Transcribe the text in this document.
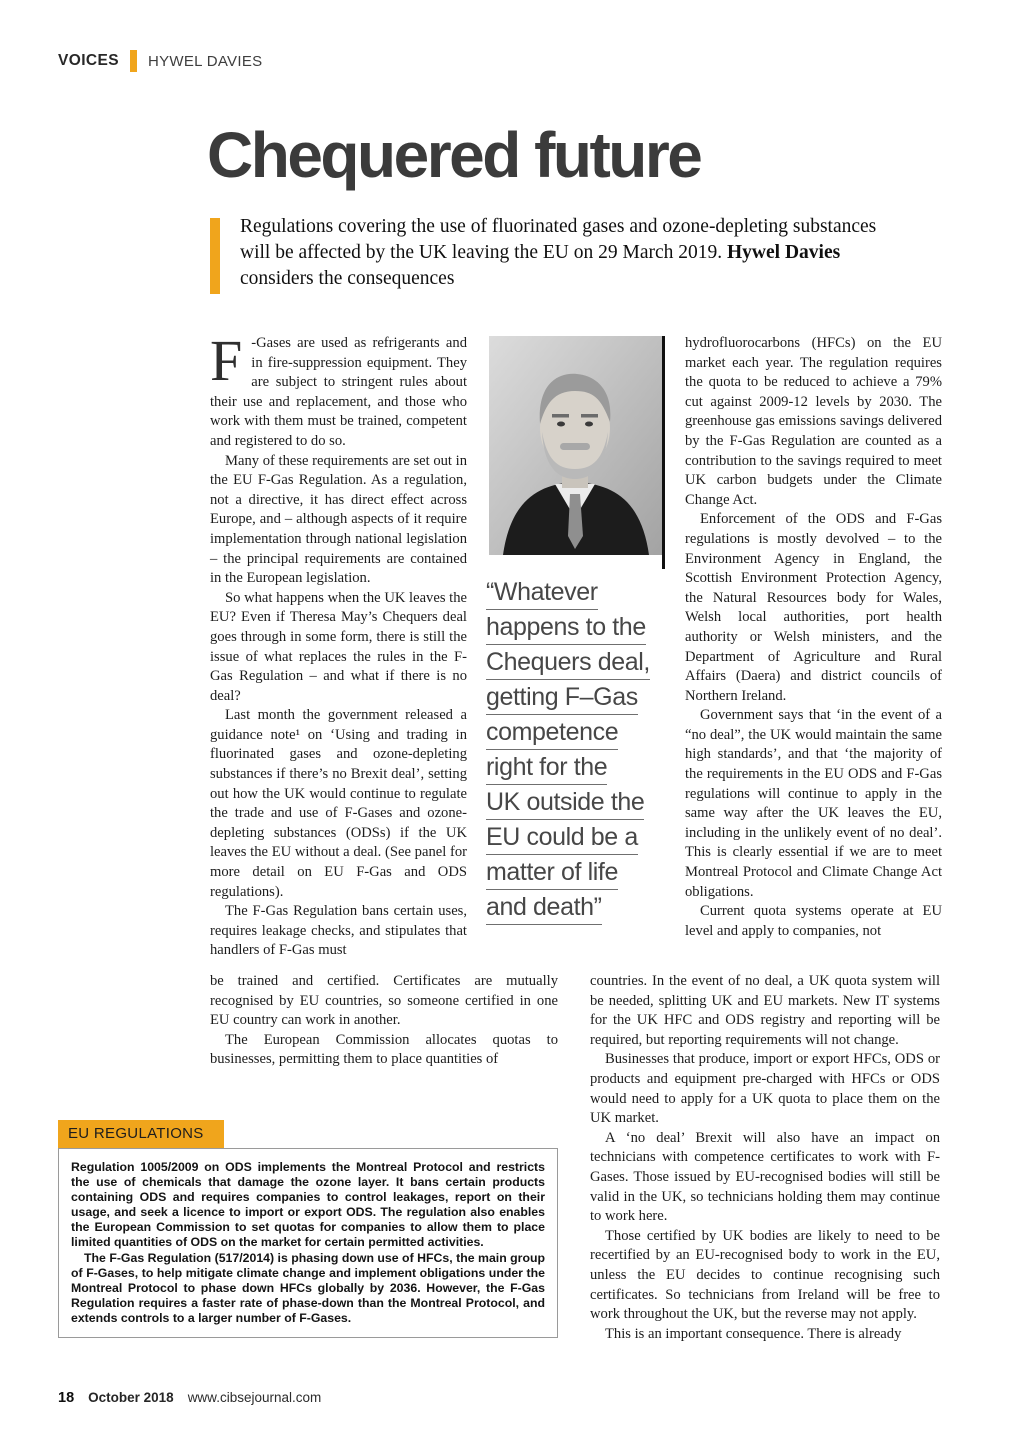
VOICES HYWEL DAVIES
Chequered future
Regulations covering the use of fluorinated gases and ozone-depleting substances will be affected by the UK leaving the EU on 29 March 2019. Hywel Davies considers the consequences

F -Gases are used as refrigerants and in fire-suppression equipment. They are subject to stringent rules about their use and replacement, and those who work with them must be trained, competent and registered to do so.

Many of these requirements are set out in the EU F-Gas Regulation. As a regulation, not a directive, it has direct effect across Europe, and – although aspects of it require implementation through national legislation – the principal requirements are contained in the European legislation.

So what happens when the UK leaves the EU? Even if Theresa May’s Chequers deal goes through in some form, there is still the issue of what replaces the rules in the F-Gas Regulation – and what if there is no deal?

Last month the government released a guidance note¹ on ‘Using and trading in fluorinated gases and ozone-depleting substances if there’s no Brexit deal’, setting out how the UK would continue to regulate the trade and use of F-Gases and ozone-depleting substances (ODSs) if the UK leaves the EU without a deal. (See panel for more detail on EU F-Gas and ODS regulations).

The F-Gas Regulation bans certain uses, requires leakage checks, and stipulates that handlers of F-Gas must

be trained and certified. Certificates are mutually recognised by EU countries, so someone certified in one EU country can work in another.

The European Commission allocates quotas to businesses, permitting them to place quantities of

“Whatever
happens to the
Chequers deal,
getting F–Gas
competence
right for the
UK outside the
EU could be a
matter of life
and death”

hydrofluorocarbons (HFCs) on the EU market each year. The regulation requires the quota to be reduced to achieve a 79% cut against 2009-12 levels by 2030. The greenhouse gas emissions savings delivered by the F-Gas Regulation are counted as a contribution to the savings required to meet UK carbon budgets under the Climate Change Act.

Enforcement of the ODS and F-Gas regulations is mostly devolved – to the Environment Agency in England, the Scottish Environment Protection Agency, the Natural Resources body for Wales, Welsh local authorities, port health authority or Welsh ministers, and the Department of Agriculture and Rural Affairs (Daera) and district councils of Northern Ireland.

Government says that ‘in the event of a “no deal”, the UK would maintain the same high standards’, and that ‘the majority of the requirements in the EU ODS and F-Gas regulations will continue to apply in the same way after the UK leaves the EU, including in the unlikely event of no deal’. This is clearly essential if we are to meet Montreal Protocol and Climate Change Act obligations.

Current quota systems operate at EU level and apply to companies, not

countries. In the event of no deal, a UK quota system will be needed, splitting UK and EU markets. New IT systems for the UK HFC and ODS registry and reporting will be required, but reporting requirements will not change.

Businesses that produce, import or export HFCs, ODS or products and equipment pre-charged with HFCs or ODS would need to apply for a UK quota to place them on the UK market.

A ‘no deal’ Brexit will also have an impact on technicians with competence certificates to work with F-Gases. Those issued by EU-recognised bodies will still be valid in the UK, so technicians holding them may continue to work here.

Those certified by UK bodies are likely to need to be recertified by an EU-recognised body to work in the EU, unless the EU decides to continue recognising such certificates. So technicians from Ireland will be free to work throughout the UK, but the reverse may not apply.

This is an important consequence. There is already

EU REGULATIONS

Regulation 1005/2009 on ODS implements the Montreal Protocol and restricts the use of chemicals that damage the ozone layer. It bans certain products containing ODS and requires companies to control leakages, report on their usage, and seek a licence to import or export ODS. The regulation also enables the European Commission to set quotas for companies to allow them to place limited quantities of ODS on the market for certain permitted activities.

The F-Gas Regulation (517/2014) is phasing down use of HFCs, the main group of F-Gases, to help mitigate climate change and implement obligations under the Montreal Protocol to phase down HFCs globally by 2036. However, the F-Gas Regulation requires a faster rate of phase-down than the Montreal Protocol, and extends controls to a larger number of F-Gases.

18 October 2018 www.cibsejournal.com
